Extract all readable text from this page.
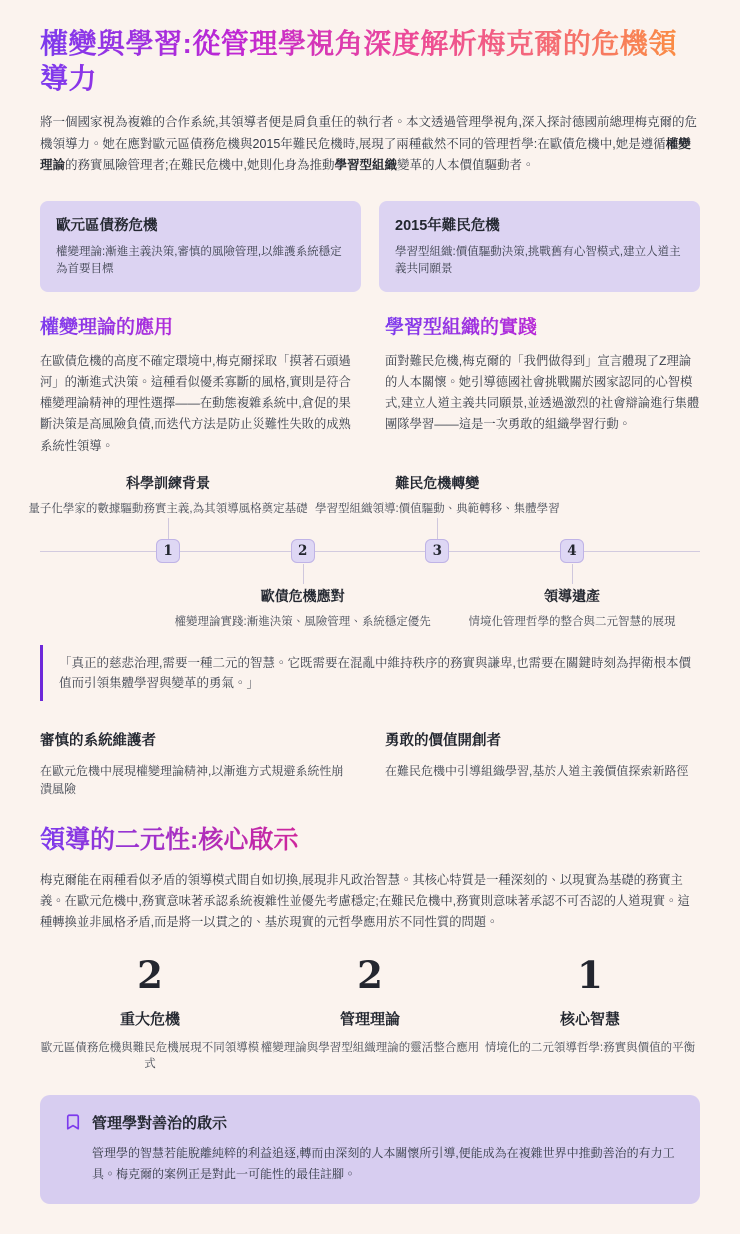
權變與學習:從管理學視角深度解析梅克爾的危機領導力

將一個國家視為複雜的合作系統,其領導者便是肩負重任的執行者。本文透過管理學視角,深入探討德國前總理梅克爾的危機領導力。她在應對歐元區債務危機與2015年難民危機時,展現了兩種截然不同的管理哲學:在歐債危機中,她是遵循權變理論的務實風險管理者;在難民危機中,她則化身為推動學習型組織變革的人本價值驅動者。

歐元區債務危機
權變理論:漸進主義決策,審慎的風險管理,以維護系統穩定為首要目標
2015年難民危機
學習型組織:價值驅動決策,挑戰舊有心智模式,建立人道主義共同願景
權變理論的應用

在歐債危機的高度不確定環境中,梅克爾採取「摸著石頭過河」的漸進式決策。這種看似優柔寡斷的風格,實則是符合權變理論精神的理性選擇——在動態複雜系統中,倉促的果斷決策是高風險負債,而迭代方法是防止災難性失敗的成熟系統性領導。

學習型組織的實踐

面對難民危機,梅克爾的「我們做得到」宣言體現了Z理論的人本關懷。她引導德國社會挑戰關於國家認同的心智模式,建立人道主義共同願景,並透過激烈的社會辯論進行集體團隊學習——這是一次勇敢的組織學習行動。

科學訓練背景
量子化學家的數據驅動務實主義,為其領導風格奠定基礎
1	2
歐債危機應對
權變理論實踐:漸進決策、風險管理、系統穩定優先
難民危機轉變
學習型組織領導:價值驅動、典範轉移、集體學習
3	4
領導遺產
情境化管理哲學的整合與二元智慧的展現
「真正的慈悲治理,需要一種二元的智慧。它既需要在混亂中維持秩序的務實與謙卑,也需要在關鍵時刻為捍衛根本價值而引領集體學習與變革的勇氣。」
審慎的系統維護者
在歐元危機中展現權變理論精神,以漸進方式規避系統性崩潰風險
勇敢的價值開創者
在難民危機中引導組織學習,基於人道主義價值探索新路徑
領導的二元性:核心啟示

梅克爾能在兩種看似矛盾的領導模式間自如切換,展現非凡政治智慧。其核心特質是一種深刻的、以現實為基礎的務實主義。在歐元危機中,務實意味著承認系統複雜性並優先考慮穩定;在難民危機中,務實則意味著承認不可否認的人道現實。這種轉換並非風格矛盾,而是將一以貫之的、基於現實的元哲學應用於不同性質的問題。

2
重大危機
歐元區債務危機與難民危機展現不同領導模式
2
管理理論
權變理論與學習型組織理論的靈活整合應用
1
核心智慧
情境化的二元領導哲學:務實與價值的平衡
管理學對善治的啟示

管理學的智慧若能脫離純粹的利益追逐,轉而由深刻的人本關懷所引導,便能成為在複雜世界中推動善治的有力工具。梅克爾的案例正是對此一可能性的最佳註腳。
